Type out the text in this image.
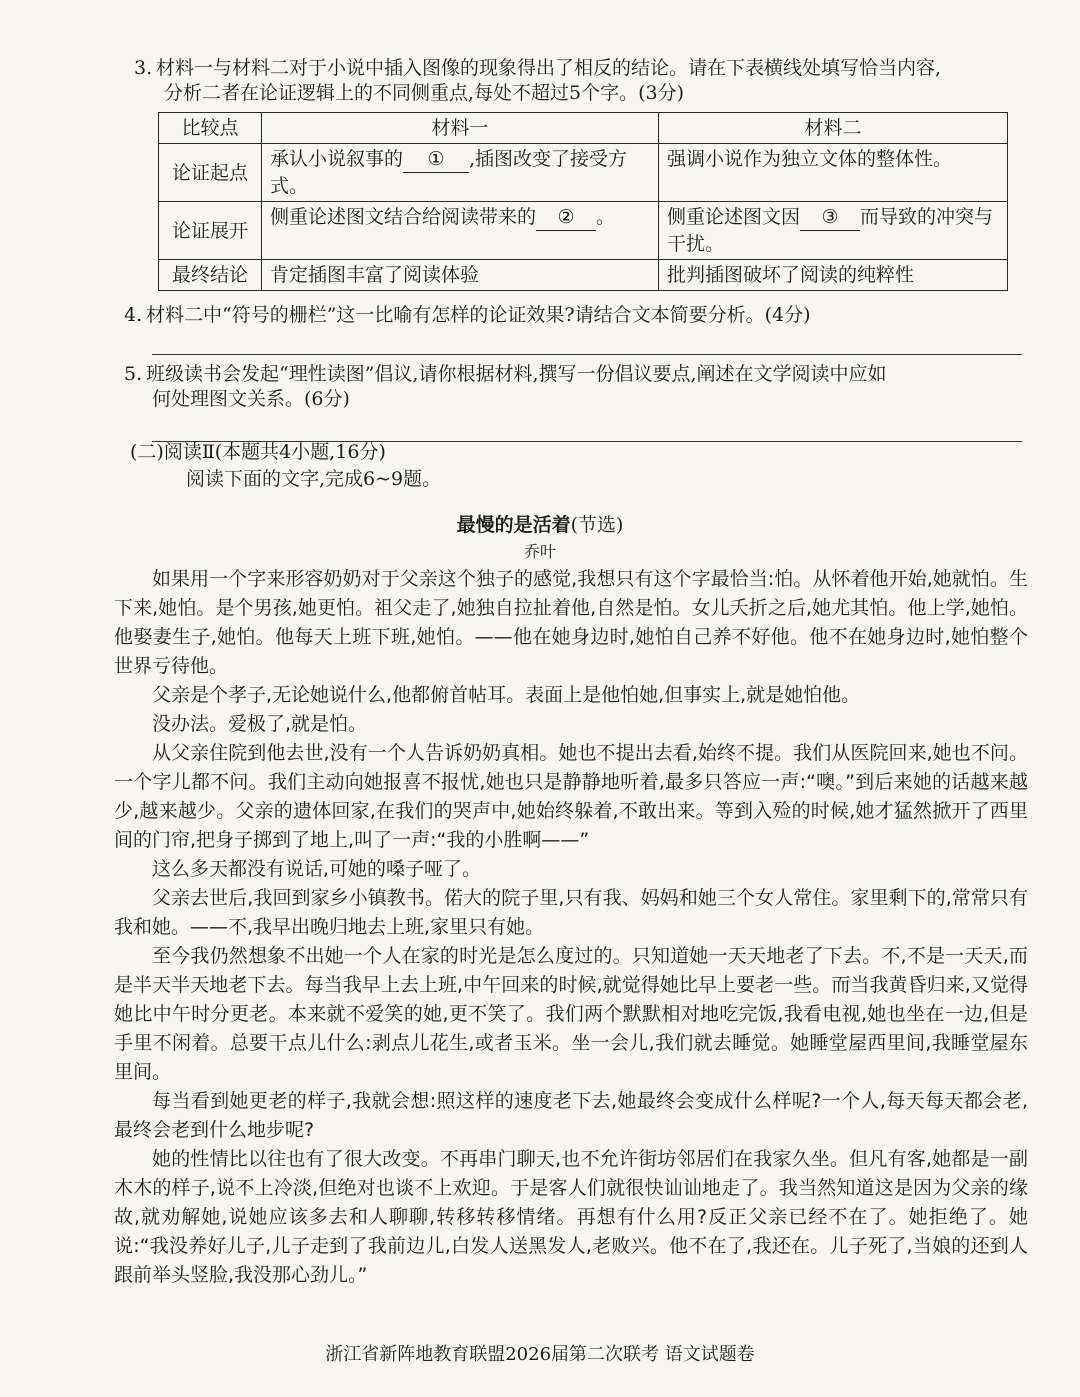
3. 材料一与材料二对于小说中插入图像的现象得出了相反的结论。请在下表横线处填写恰当内容,
分析二者在论证逻辑上的不同侧重点,每处不超过5个字。(3分)
比较点	材料一	材料二
论证起点	承认小说叙事的 ① ,插图改变了接受方式。	强调小说作为独立文体的整体性。
论证展开	侧重论述图文结合给阅读带来的 ② 。	侧重论述图文因 ③ 而导致的冲突与干扰。
最终结论	肯定插图丰富了阅读体验	批判插图破坏了阅读的纯粹性
4. 材料二中“符号的栅栏”这一比喻有怎样的论证效果?请结合文本简要分析。(4分)
5. 班级读书会发起“理性读图”倡议,请你根据材料,撰写一份倡议要点,阐述在文学阅读中应如
何处理图文关系。(6分)
(二)阅读Ⅱ(本题共4小题,16分)
阅读下面的文字,完成6~9题。
最慢的是活着(节选)
乔叶

如果用一个字来形容奶奶对于父亲这个独子的感觉,我想只有这个字最恰当:怕。从怀着他开始,她就怕。生下来,她怕。是个男孩,她更怕。祖父走了,她独自拉扯着他,自然是怕。女儿夭折之后,她尤其怕。他上学,她怕。他娶妻生子,她怕。他每天上班下班,她怕。——他在她身边时,她怕自己养不好他。他不在她身边时,她怕整个世界亏待他。

父亲是个孝子,无论她说什么,他都俯首帖耳。表面上是他怕她,但事实上,就是她怕他。

没办法。爱极了,就是怕。

从父亲住院到他去世,没有一个人告诉奶奶真相。她也不提出去看,始终不提。我们从医院回来,她也不问。一个字儿都不问。我们主动向她报喜不报忧,她也只是静静地听着,最多只答应一声:“噢。”到后来她的话越来越少,越来越少。父亲的遗体回家,在我们的哭声中,她始终躲着,不敢出来。等到入殓的时候,她才猛然掀开了西里间的门帘,把身子掷到了地上,叫了一声:“我的小胜啊——”

这么多天都没有说话,可她的嗓子哑了。

父亲去世后,我回到家乡小镇教书。偌大的院子里,只有我、妈妈和她三个女人常住。家里剩下的,常常只有我和她。——不,我早出晚归地去上班,家里只有她。

至今我仍然想象不出她一个人在家的时光是怎么度过的。只知道她一天天地老了下去。不,不是一天天,而是半天半天地老下去。每当我早上去上班,中午回来的时候,就觉得她比早上要老一些。而当我黄昏归来,又觉得她比中午时分更老。本来就不爱笑的她,更不笑了。我们两个默默相对地吃完饭,我看电视,她也坐在一边,但是手里不闲着。总要干点儿什么:剥点儿花生,或者玉米。坐一会儿,我们就去睡觉。她睡堂屋西里间,我睡堂屋东里间。

每当看到她更老的样子,我就会想:照这样的速度老下去,她最终会变成什么样呢?一个人,每天每天都会老,最终会老到什么地步呢?

她的性情比以往也有了很大改变。不再串门聊天,也不允许街坊邻居们在我家久坐。但凡有客,她都是一副木木的样子,说不上冷淡,但绝对也谈不上欢迎。于是客人们就很快讪讪地走了。我当然知道这是因为父亲的缘故,就劝解她,说她应该多去和人聊聊,转移转移情绪。再想有什么用?反正父亲已经不在了。她拒绝了。她说:“我没养好儿子,儿子走到了我前边儿,白发人送黑发人,老败兴。他不在了,我还在。儿子死了,当娘的还到人跟前举头竖脸,我没那心劲儿。”

浙江省新阵地教育联盟2026届第二次联考 语文试题卷
